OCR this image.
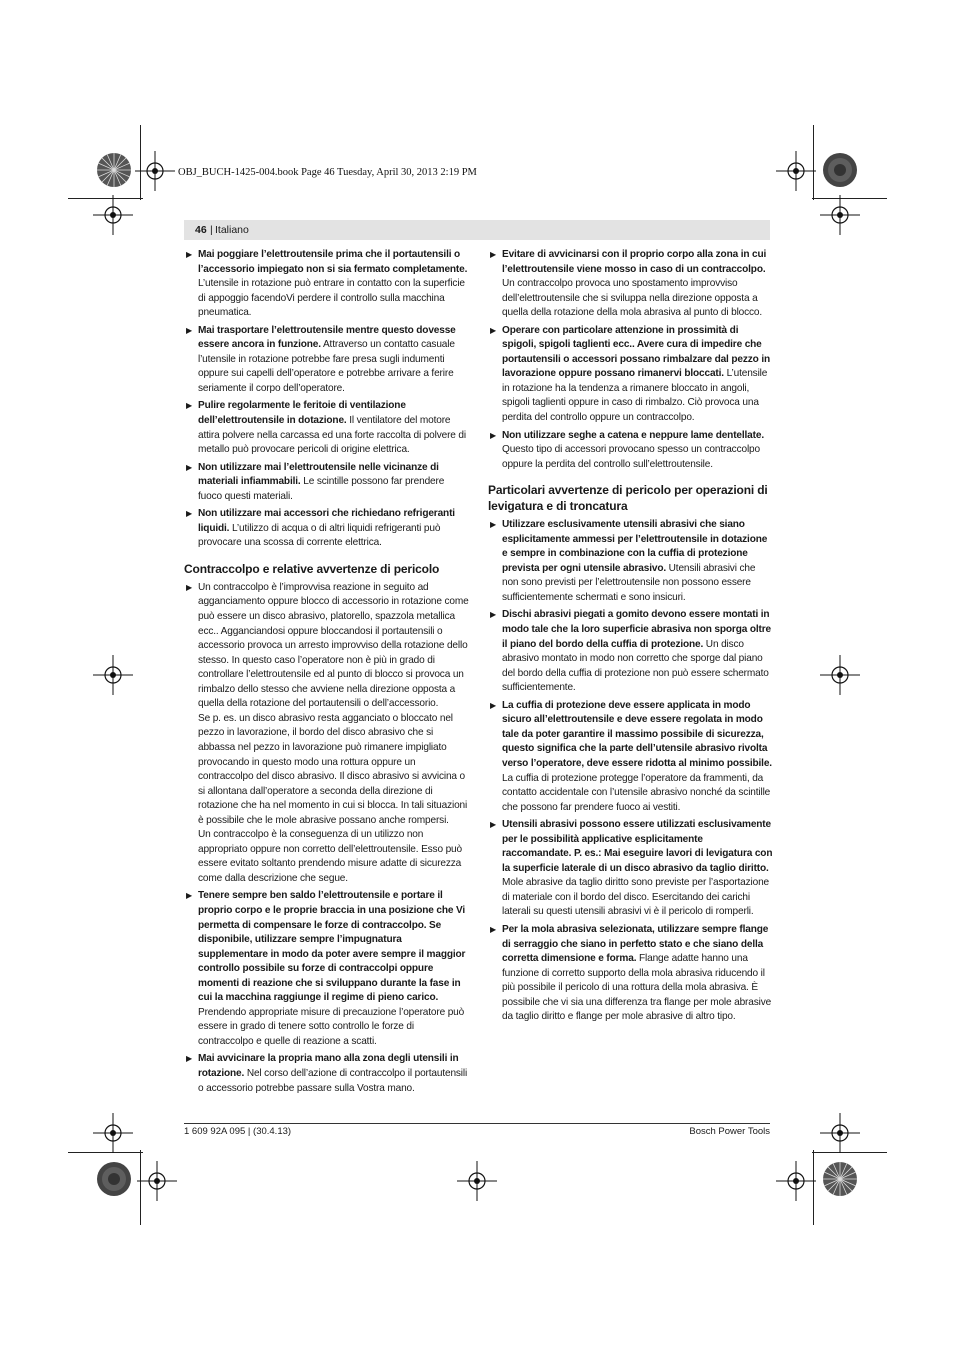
OBJ_BUCH-1425-004.book Page 46 Tuesday, April 30, 2013 2:19 PM
46 | Italiano
▶ Mai poggiare l’elettroutensile prima che il portautensili o l’accessorio impiegato non si sia fermato completamente. L’utensile in rotazione può entrare in contatto con la superficie di appoggio facendoVi perdere il controllo sulla macchina pneumatica.
▶ Mai trasportare l’elettroutensile mentre questo dovesse essere ancora in funzione. Attraverso un contatto casuale l’utensile in rotazione potrebbe fare presa sugli indumenti oppure sui capelli dell’operatore e potrebbe arrivare a ferire seriamente il corpo dell’operatore.
▶ Pulire regolarmente le feritoie di ventilazione dell’elettroutensile in dotazione. Il ventilatore del motore attira polvere nella carcassa ed una forte raccolta di polvere di metallo può provocare pericoli di origine elettrica.
▶ Non utilizzare mai l’elettroutensile nelle vicinanze di materiali infiammabili. Le scintille possono far prendere fuoco questi materiali.
▶ Non utilizzare mai accessori che richiedano refrigeranti liquidi. L’utilizzo di acqua o di altri liquidi refrigeranti può provocare una scossa di corrente elettrica.
Contraccolpo e relative avvertenze di pericolo
▶ Un contraccolpo è l’improvvisa reazione in seguito ad agganciamento oppure blocco di accessorio in rotazione come può essere un disco abrasivo, platorello, spazzola metallica ecc.. Agganciandosi oppure bloccandosi il portautensili o accessorio provoca un arresto improvviso della rotazione dello stesso. In questo caso l’operatore non è più in grado di controllare l’elettroutensile ed al punto di blocco si provoca un rimbalzo dello stesso che avviene nella direzione opposta a quella della rotazione del portautensili o dell’accessorio.
Se p. es. un disco abrasivo resta agganciato o bloccato nel pezzo in lavorazione, il bordo del disco abrasivo che si abbassa nel pezzo in lavorazione può rimanere impigliato provocando in questo modo una rottura oppure un contraccolpo del disco abrasivo. Il disco abrasivo si avvicina o si allontana dall’operatore a seconda della direzione di rotazione che ha nel momento in cui si blocca. In tali situazioni è possibile che le mole abrasive possano anche rompersi.
Un contraccolpo è la conseguenza di un utilizzo non appropriato oppure non corretto dell’elettroutensile. Esso può essere evitato soltanto prendendo misure adatte di sicurezza come dalla descrizione che segue.
▶ Tenere sempre ben saldo l’elettroutensile e portare il proprio corpo e le proprie braccia in una posizione che Vi permetta di compensare le forze di contraccolpo. Se disponibile, utilizzare sempre l’impugnatura supplementare in modo da poter avere sempre il maggior controllo possibile su forze di contraccolpi oppure momenti di reazione che si sviluppano durante la fase in cui la macchina raggiunge il regime di pieno carico. Prendendo appropriate misure di precauzione l’operatore può essere in grado di tenere sotto controllo le forze di contraccolpo e quelle di reazione a scatti.
▶ Mai avvicinare la propria mano alla zona degli utensili in rotazione. Nel corso dell’azione di contraccolpo il portautensili o accessorio potrebbe passare sulla Vostra mano.
▶ Evitare di avvicinarsi con il proprio corpo alla zona in cui l’elettroutensile viene mosso in caso di un contraccolpo. Un contraccolpo provoca uno spostamento improvviso dell’elettroutensile che si sviluppa nella direzione opposta a quella della rotazione della mola abrasiva al punto di blocco.
▶ Operare con particolare attenzione in prossimità di spigoli, spigoli taglienti ecc.. Avere cura di impedire che portautensili o accessori possano rimbalzare dal pezzo in lavorazione oppure possano rimanervi bloccati. L’utensile in rotazione ha la tendenza a rimanere bloccato in angoli, spigoli taglienti oppure in caso di rimbalzo. Ciò provoca una perdita del controllo oppure un contraccolpo.
▶ Non utilizzare seghe a catena e neppure lame dentellate. Questo tipo di accessori provocano spesso un contraccolpo oppure la perdita del controllo sull’elettroutensile.
Particolari avvertenze di pericolo per operazioni di levigatura e di troncatura
▶ Utilizzare esclusivamente utensili abrasivi che siano esplicitamente ammessi per l’elettroutensile in dotazione e sempre in combinazione con la cuffia di protezione prevista per ogni utensile abrasivo. Utensili abrasivi che non sono previsti per l’elettroutensile non possono essere sufficientemente schermati e sono insicuri.
▶ Dischi abrasivi piegati a gomito devono essere montati in modo tale che la loro superficie abrasiva non sporga oltre il piano del bordo della cuffia di protezione. Un disco abrasivo montato in modo non corretto che sporge dal piano del bordo della cuffia di protezione non può essere schermato sufficientemente.
▶ La cuffia di protezione deve essere applicata in modo sicuro all’elettroutensile e deve essere regolata in modo tale da poter garantire il massimo possibile di sicurezza, questo significa che la parte dell’utensile abrasivo rivolta verso l’operatore, deve essere ridotta al minimo possibile. La cuffia di protezione protegge l’operatore da frammenti, da contatto accidentale con l’utensile abrasivo nonché da scintille che possono far prendere fuoco ai vestiti.
▶ Utensili abrasivi possono essere utilizzati esclusivamente per le possibilità applicative esplicitamente raccomandate. P. es.: Mai eseguire lavori di levigatura con la superficie laterale di un disco abrasivo da taglio diritto. Mole abrasive da taglio diritto sono previste per l’asportazione di materiale con il bordo del disco. Esercitando dei carichi laterali su questi utensili abrasivi vi è il pericolo di romperli.
▶ Per la mola abrasiva selezionata, utilizzare sempre flange di serraggio che siano in perfetto stato e che siano della corretta dimensione e forma. Flange adatte hanno una funzione di corretto supporto della mola abrasiva riducendo il più possibile il pericolo di una rottura della mola abrasiva. È possibile che vi sia una differenza tra flange per mole abrasive da taglio diritto e flange per mole abrasive di altro tipo.
1 609 92A 095 | (30.4.13)	Bosch Power Tools
